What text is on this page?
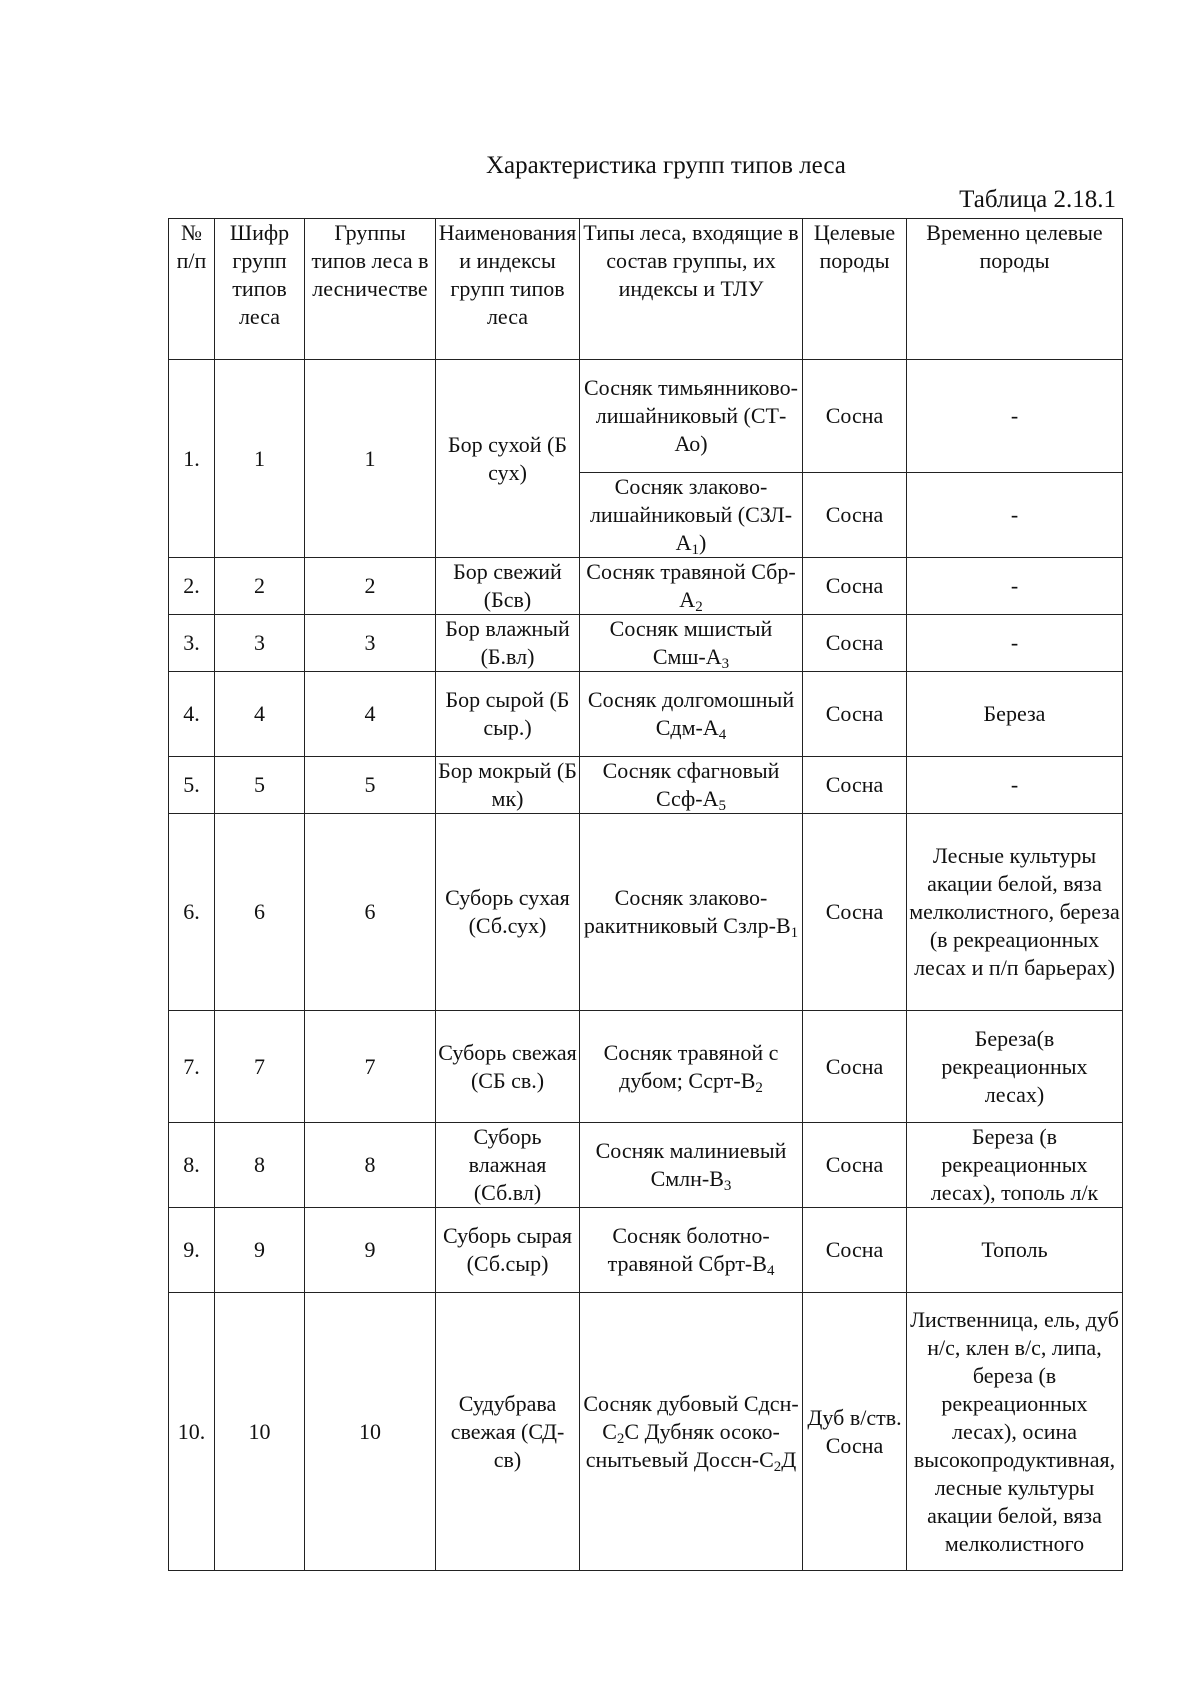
Характеристика групп типов леса
Таблица 2.18.1
№ п/п	Шифр групп типов леса	Группы типов леса в лесничестве	Наименования и индексы групп типов леса	Типы леса, входящие в состав группы, их индексы и ТЛУ	Целевые породы	Временно целевые породы
1.	1	1	Бор сухой (Б сух)	Сосняк тимьянниково-лишайниковый (СТ-Ао)	Сосна	-
				Сосняк злаково-лишайниковый $(СЗЛ-А_1)$	Сосна	-
2.	2	2	Бор свежий (Бсв)	Сосняк травяной Сбр-$А_2$	Сосна	-
3.	3	3	Бор влажный (Б.вл)	Сосняк мшистый Смш-$А_3$	Сосна	-
4.	4	4	Бор сырой (Б сыр.)	Сосняк долгомошный Сдм-$А_4$	Сосна	Береза
5.	5	5	Бор мокрый (Б мк)	Сосняк сфагновый Ссф-$А_5$	Сосна	-
6.	6	6	Суборь сухая (Сб.сух)	Сосняк злаково-ракитниковый Сзлр-$В_1$	Сосна	Лесные культуры акации белой, вяза мелколистного, береза (в рекреационных лесах и п/п барьерах)
7.	7	7	Суборь свежая (СБ св.)	Сосняк травяной с дубом; Ссрт-$В_2$	Сосна	Береза(в рекреационных лесах)
8.	8	8	Суборь влажная (Сб.вл)	Сосняк малиниевый Смлн-$В_3$	Сосна	Береза (в рекреационных лесах), тополь л/к
9.	9	9	Суборь сырая (Сб.сыр)	Сосняк болотно-травяной Сбрт-$В_4$	Сосна	Тополь
10.	10	10	Судубрава свежая (СД-св)	Сосняк дубовый Сдсн-$С_2С$ Дубняк осоко-снытьевый Доссн-$С_2Д$	Дуб в/ств. Сосна	Лиственница, ель, дуб н/с, клен в/с, липа, береза (в рекреационных лесах), осина высокопродуктивная, лесные культуры акации белой, вяза мелколистного
